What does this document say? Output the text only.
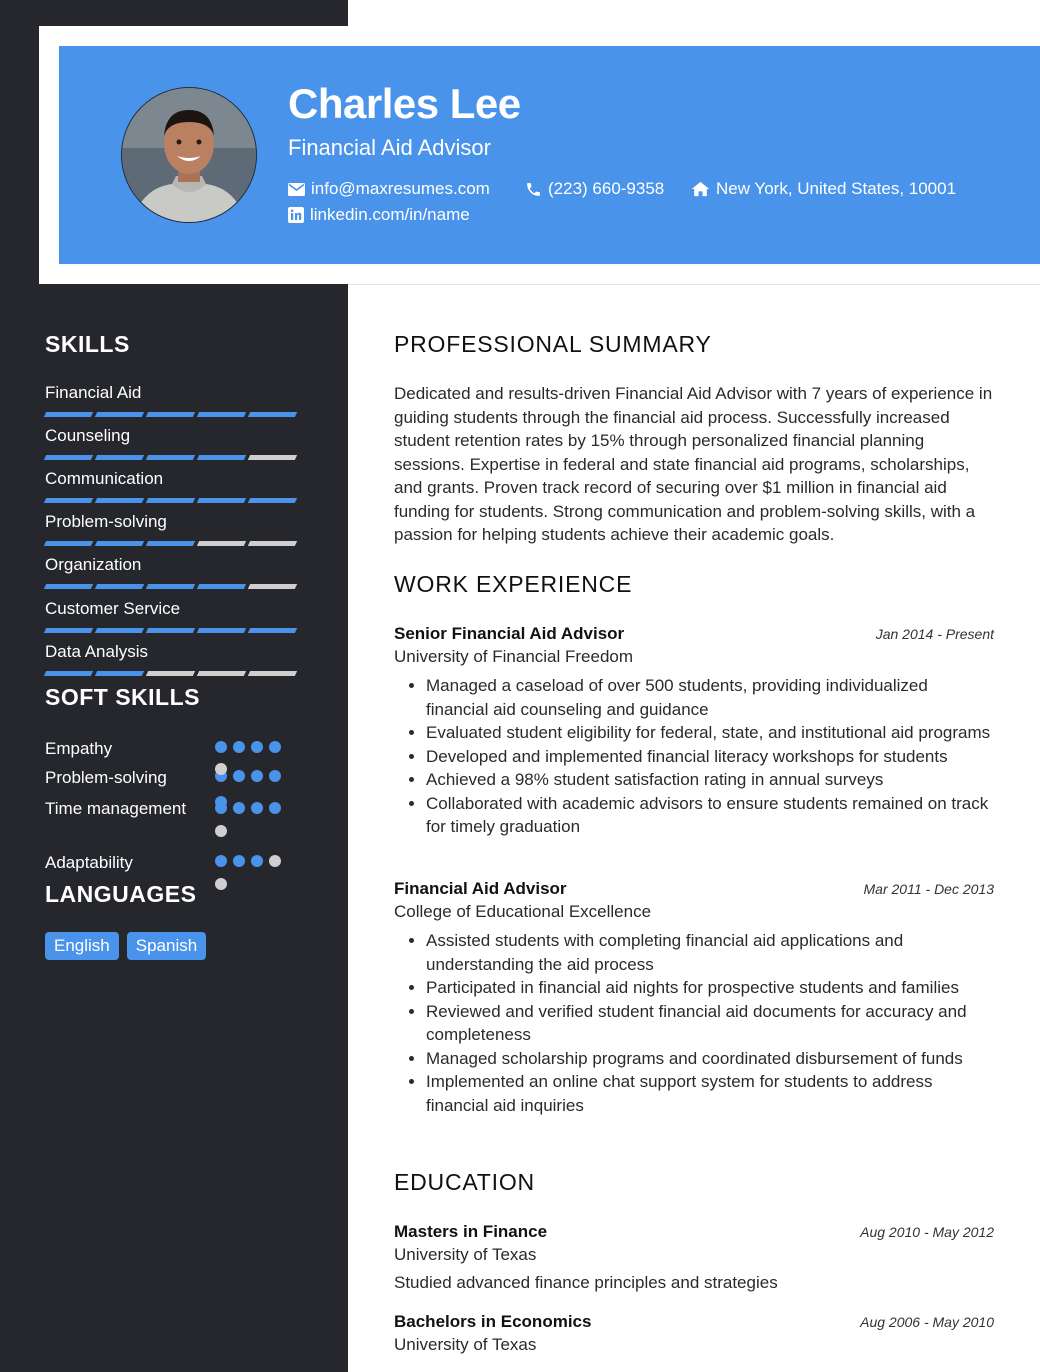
Charles Lee
Financial Aid Advisor
info@maxresumes.com	(223) 660-9358	New York, United States, 10001
linkedin.com/in/name
SKILLS
Financial Aid
Counseling
Communication
Problem-solving
Organization
Customer Service
Data Analysis
SOFT SKILLS
Empathy
Problem-solving
Time management
Adaptability
LANGUAGES
English	Spanish
PROFESSIONAL SUMMARY

Dedicated and results-driven Financial Aid Advisor with 7 years of experience in guiding students through the financial aid process. Successfully increased student retention rates by 15% through personalized financial planning sessions. Expertise in federal and state financial aid programs, scholarships, and grants. Proven track record of securing over $1 million in financial aid funding for students. Strong communication and problem-solving skills, with a passion for helping students achieve their academic goals.

WORK EXPERIENCE
Senior Financial Aid Advisor	Jan 2014 - Present
University of Financial Freedom
• Managed a caseload of over 500 students, providing individualized financial aid counseling and guidance
• Evaluated student eligibility for federal, state, and institutional aid programs
• Developed and implemented financial literacy workshops for students
• Achieved a 98% student satisfaction rating in annual surveys
• Collaborated with academic advisors to ensure students remained on track for timely graduation
Financial Aid Advisor	Mar 2011 - Dec 2013
College of Educational Excellence
• Assisted students with completing financial aid applications and understanding the aid process
• Participated in financial aid nights for prospective students and families
• Reviewed and verified student financial aid documents for accuracy and completeness
• Managed scholarship programs and coordinated disbursement of funds
• Implemented an online chat support system for students to address financial aid inquiries
EDUCATION
Masters in Finance	Aug 2010 - May 2012
University of Texas
Studied advanced finance principles and strategies
Bachelors in Economics	Aug 2006 - May 2010
University of Texas
